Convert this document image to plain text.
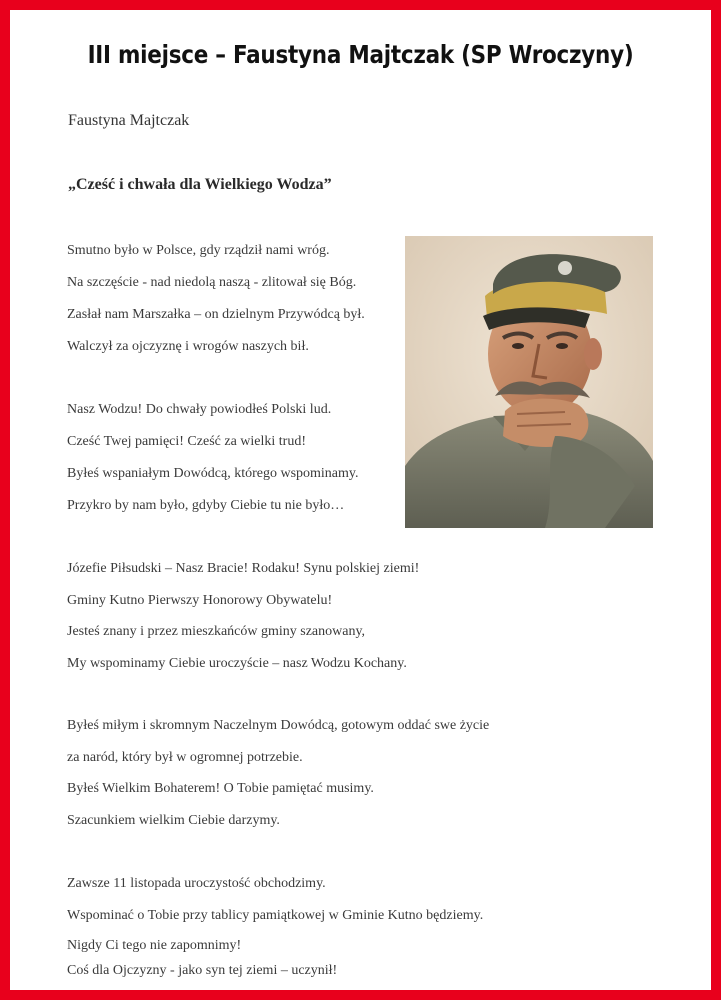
III miejsce – Faustyna Majtczak (SP Wroczyny)
Faustyna Majtczak
„Cześć i chwała dla Wielkiego Wodza”
Smutno było w Polsce, gdy rządził nami wróg.
Na szczęście - nad niedolą naszą - zlitował się Bóg.
Zasłał nam Marszałka – on dzielnym Przywódcą był.
Walczył za ojczyznę i wrogów naszych bił.
Nasz Wodzu! Do chwały powiodłeś Polski lud.
Cześć Twej pamięci! Cześć za wielki trud!
Byłeś wspaniałym Dowódcą, którego wspominamy.
Przykro by nam było, gdyby Ciebie tu nie było…
Józefie Piłsudski – Nasz Bracie! Rodaku! Synu polskiej ziemi!
Gminy Kutno Pierwszy Honorowy Obywatelu!
Jesteś znany i przez mieszkańców gminy szanowany,
My wspominamy Ciebie uroczyście – nasz Wodzu Kochany.
Byłeś miłym i skromnym Naczelnym Dowódcą, gotowym oddać swe życie
za naród, który był w ogromnej potrzebie.
Byłeś Wielkim Bohaterem! O Tobie pamiętać musimy.
Szacunkiem wielkim Ciebie darzymy.
Zawsze 11 listopada uroczystość obchodzimy.
Wspominać o Tobie przy tablicy pamiątkowej w Gminie Kutno będziemy.
Nigdy Ci tego nie zapomnimy!
Coś dla Ojczyzny - jako syn tej ziemi – uczynił!
